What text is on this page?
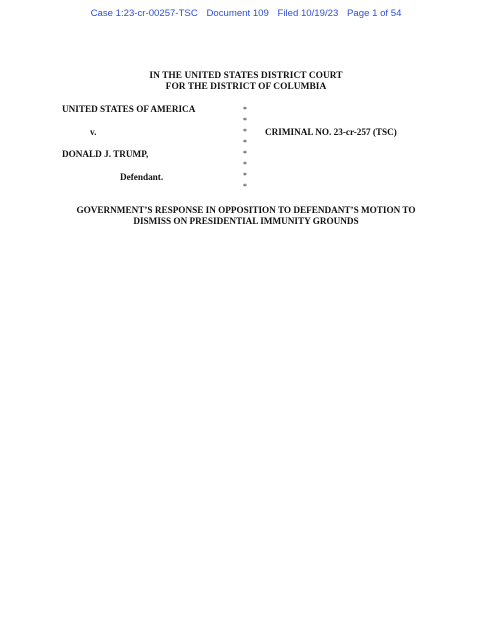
Case 1:23-cr-00257-TSC Document 109 Filed 10/19/23 Page 1 of 54
IN THE UNITED STATES DISTRICT COURT
FOR THE DISTRICT OF COLUMBIA
UNITED STATES OF AMERICA
v.	CRIMINAL NO. 23-cr-257 (TSC)
DONALD J. TRUMP,
Defendant.
*
*
*
*
*
*
*
*
GOVERNMENT’S RESPONSE IN OPPOSITION TO DEFENDANT’S MOTION TO
DISMISS ON PRESIDENTIAL IMMUNITY GROUNDS
